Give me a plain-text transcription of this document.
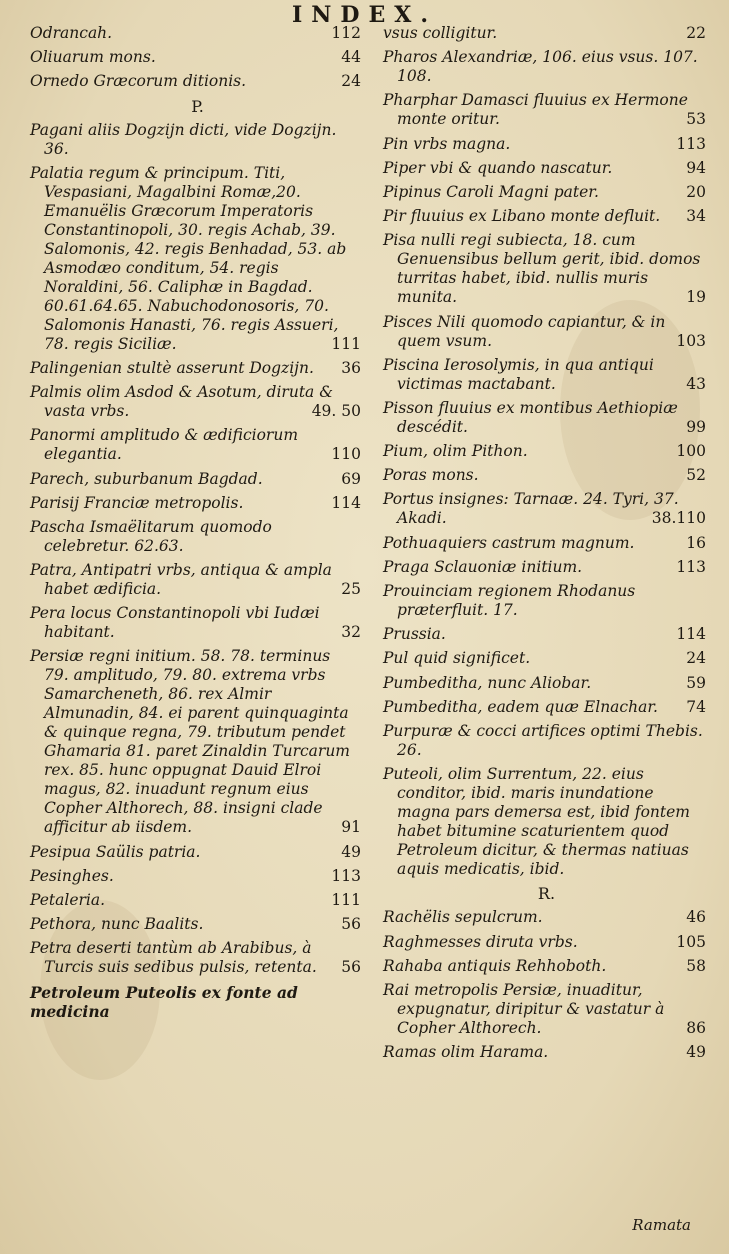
INDEX.
Odrancah.	112
Oliuarum mons.	44
Ornedo Græcorum ditionis.	24
P.
Pagani aliis Dogzijn dicti, vide Dogzijn. 36.
Palatia regum & principum. Titi, Vespasiani, Magalbini Romæ,20. Emanuëlis Græcorum Imperatoris Constantinopoli, 30. regis Achab, 39. Salomonis, 42. regis Benhadad, 53. ab Asmodæo conditum, 54. regis Noraldini, 56. Caliphæ in Bagdad. 60.61.64.65. Nabuchodonosoris, 70. Salomonis Hanasti, 76. regis Assueri, 78. regis Siciliæ.	111
Palingenian stultè asserunt Dogzijn.	36
Palmis olim Asdod & Asotum, diruta & vasta vrbs.	49. 50
Panormi amplitudo & ædificiorum elegantia.	110
Parech, suburbanum Bagdad.	69
Parisij Franciæ metropolis.	114
Pascha Ismaëlitarum quomodo celebretur. 62.63.
Patra, Antipatri vrbs, antiqua & ampla habet ædificia.	25
Pera locus Constantinopoli vbi Iudæi habitant.	32
Persiæ regni initium. 58. 78. terminus 79. amplitudo, 79. 80. extrema vrbs Samarcheneth, 86. rex Almir Almunadin, 84. ei parent quinquaginta & quinque regna, 79. tributum pendet Ghamaria 81. paret Zinaldin Turcarum rex. 85. hunc oppugnat Dauid Elroi magus, 82. inuadunt regnum eius Copher Althorech, 88. insigni clade afficitur ab iisdem.	91
Pesipua Saülis patria.	49
Pesinghes.	113
Petaleria.	111
Pethora, nunc Baalits.	56
Petra deserti tantùm ab Arabibus, à Turcis suis sedibus pulsis, retenta.	56
Petroleum Puteolis ex fonte ad medicina
vsus colligitur.	22
Pharos Alexandriæ, 106. eius vsus. 107. 108.
Pharphar Damasci fluuius ex Hermone monte oritur.	53
Pin vrbs magna.	113
Piper vbi & quando nascatur.	94
Pipinus Caroli Magni pater.	20
Pir fluuius ex Libano monte defluit.	34
Pisa nulli regi subiecta, 18. cum Genuensibus bellum gerit, ibid. domos turritas habet, ibid. nullis muris munita.	19
Pisces Nili quomodo capiantur, & in quem vsum.	103
Piscina Ierosolymis, in qua antiqui victimas mactabant.	43
Pisson fluuius ex montibus Aethiopiæ descédit.	99
Pium, olim Pithon.	100
Poras mons.	52
Portus insignes: Tarnaæ. 24. Tyri, 37. Akadi.	38.110
Pothuaquiers castrum magnum.	16
Praga Sclauoniæ initium.	113
Prouinciam regionem Rhodanus præterfluit. 17.
Prussia.	114
Pul quid significet.	24
Pumbeditha, nunc Aliobar.	59
Pumbeditha, eadem quæ Elnachar.	74
Purpuræ & cocci artifices optimi Thebis. 26.
Puteoli, olim Surrentum, 22. eius conditor, ibid. maris inundatione magna pars demersa est, ibid fontem habet bitumine scaturientem quod Petroleum dicitur, & thermas natiuas aquis medicatis, ibid.
R.
Rachëlis sepulcrum.	46
Raghmesses diruta vrbs.	105
Rahaba antiquis Rehhoboth.	58
Rai metropolis Persiæ, inuaditur, expugnatur, diripitur & vastatur à Copher Althorech.	86
Ramas olim Harama.	49
Ramata
